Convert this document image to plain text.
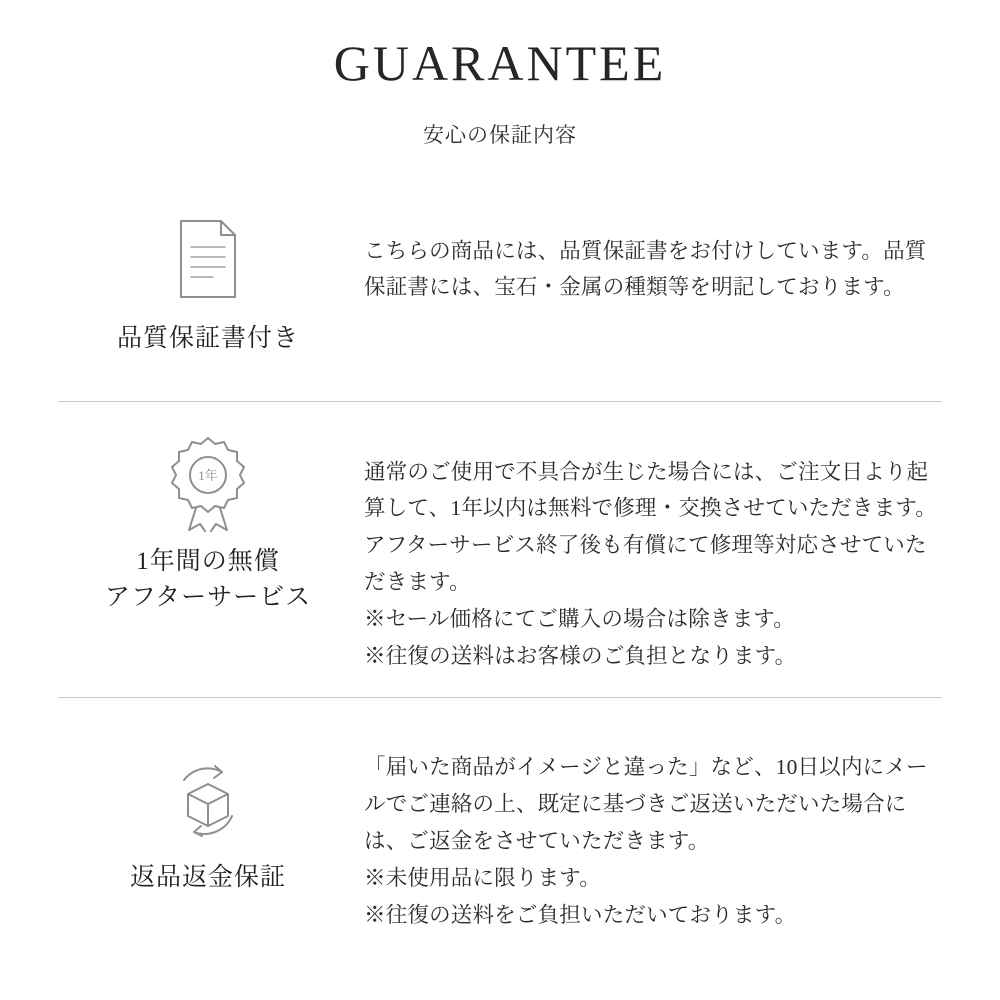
GUARANTEE

安心の保証内容

品質保証書付き

こちらの商品には、品質保証書をお付けしています。品質保証書には、宝石・金属の種類等を明記しております。

1年
1年間の無償
アフターサービス

通常のご使用で不具合が生じた場合には、ご注文日より起算して、1年以内は無料で修理・交換させていただきます。アフターサービス終了後も有償にて修理等対応させていただきます。
※セール価格にてご購入の場合は除きます。
※往復の送料はお客様のご負担となります。

返品返金保証

「届いた商品がイメージと違った」など、10日以内にメールでご連絡の上、既定に基づきご返送いただいた場合には、ご返金をさせていただきます。
※未使用品に限ります。
※往復の送料をご負担いただいております。
